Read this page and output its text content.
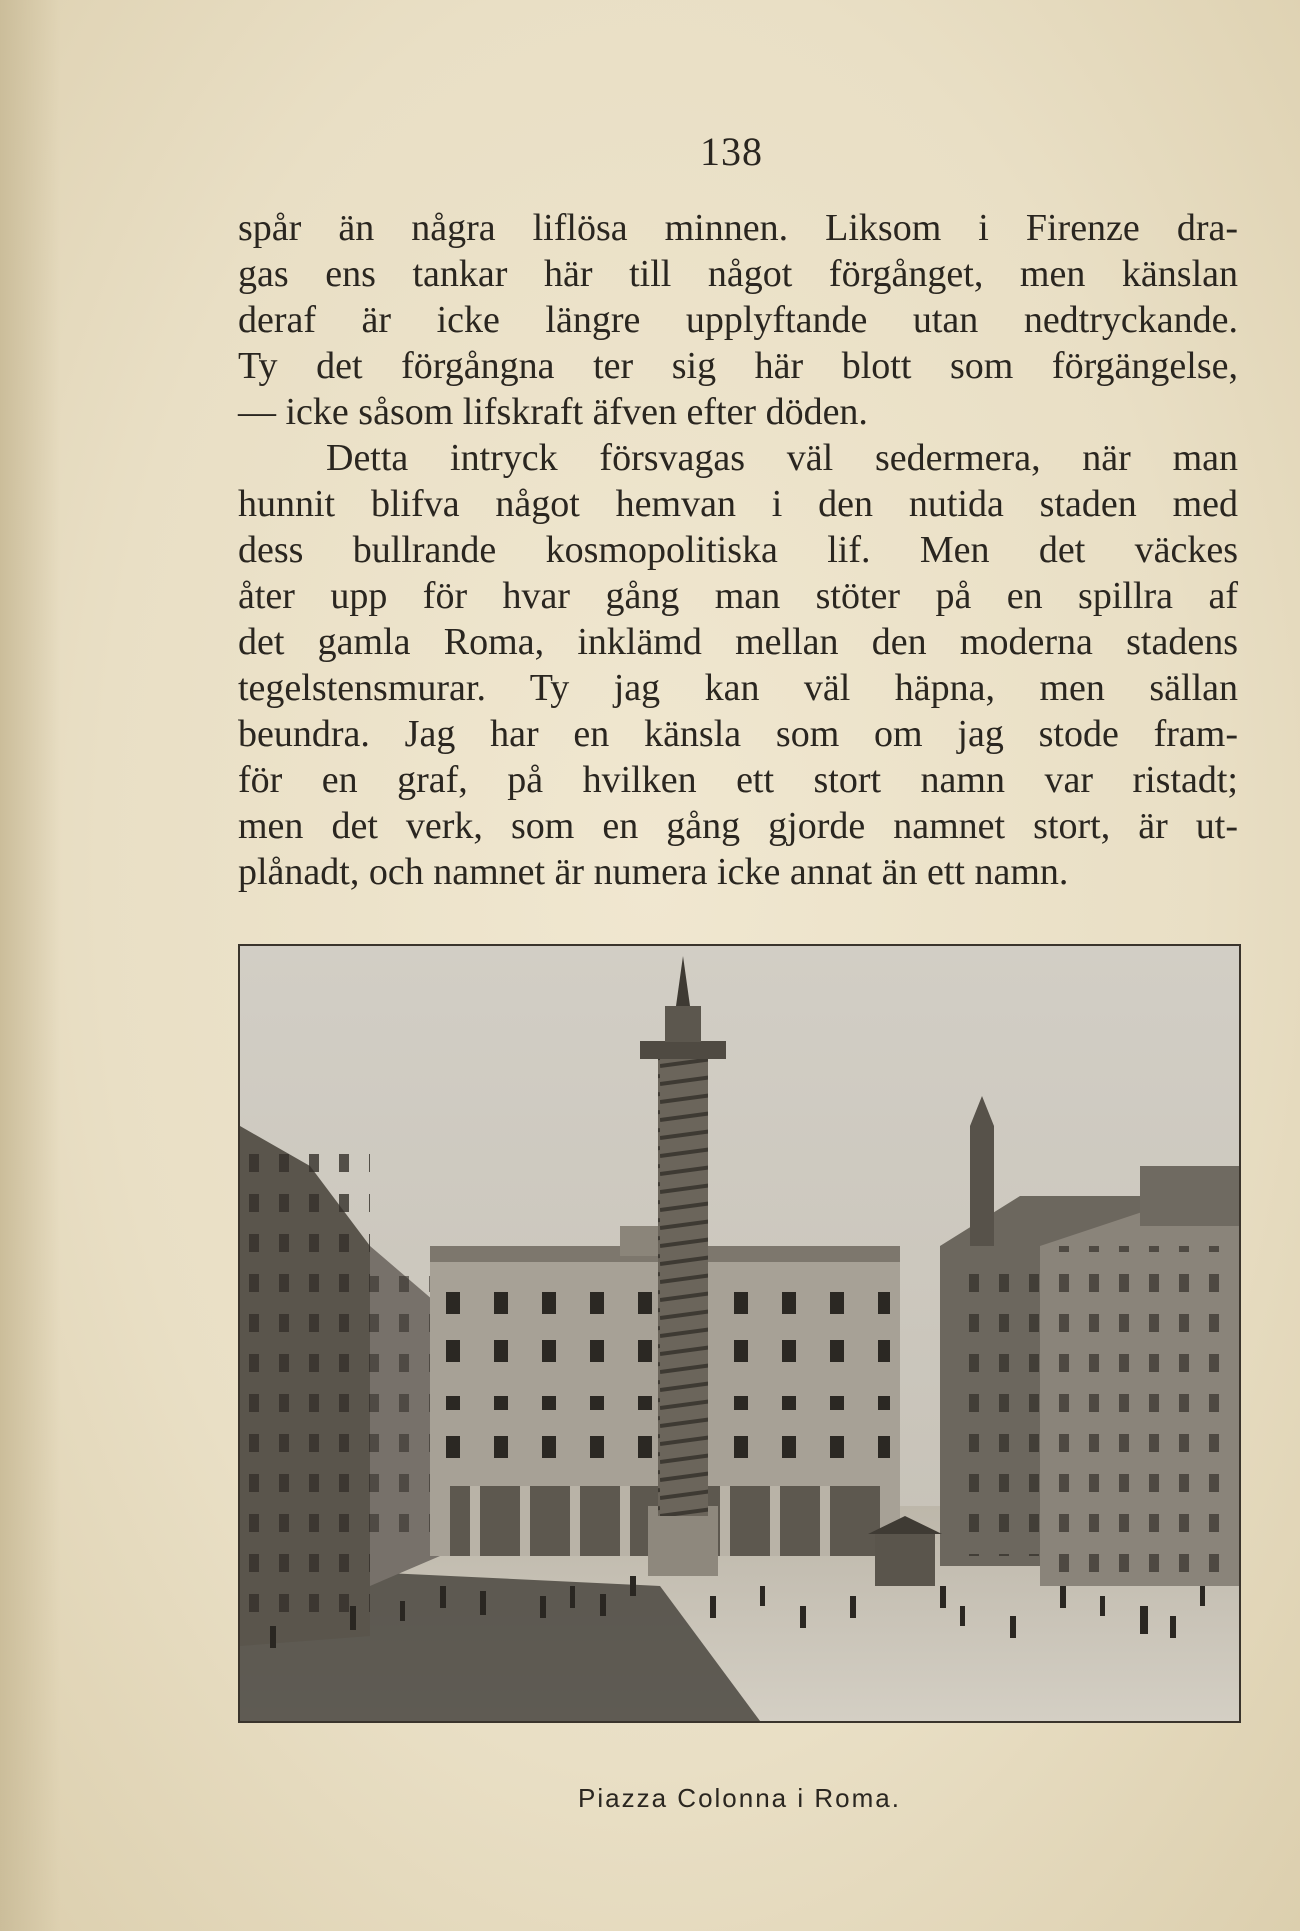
138
spår än några liflösa minnen. Liksom i Firenze dra-
gas ens tankar här till något förgånget, men känslan
deraf är icke längre upplyftande utan nedtryckande.
Ty det förgångna ter sig här blott som förgängelse,
— icke såsom lifskraft äfven efter döden.
Detta intryck försvagas väl sedermera, när man
hunnit blifva något hemvan i den nutida staden med
dess bullrande kosmopolitiska lif. Men det väckes
åter upp för hvar gång man stöter på en spillra af
det gamla Roma, inklämd mellan den moderna stadens
tegelstensmurar. Ty jag kan väl häpna, men sällan
beundra. Jag har en känsla som om jag stode fram-
för en graf, på hvilken ett stort namn var ristadt;
men det verk, som en gång gjorde namnet stort, är ut-
plånadt, och namnet är numera icke annat än ett namn.
Piazza Colonna i Roma.
